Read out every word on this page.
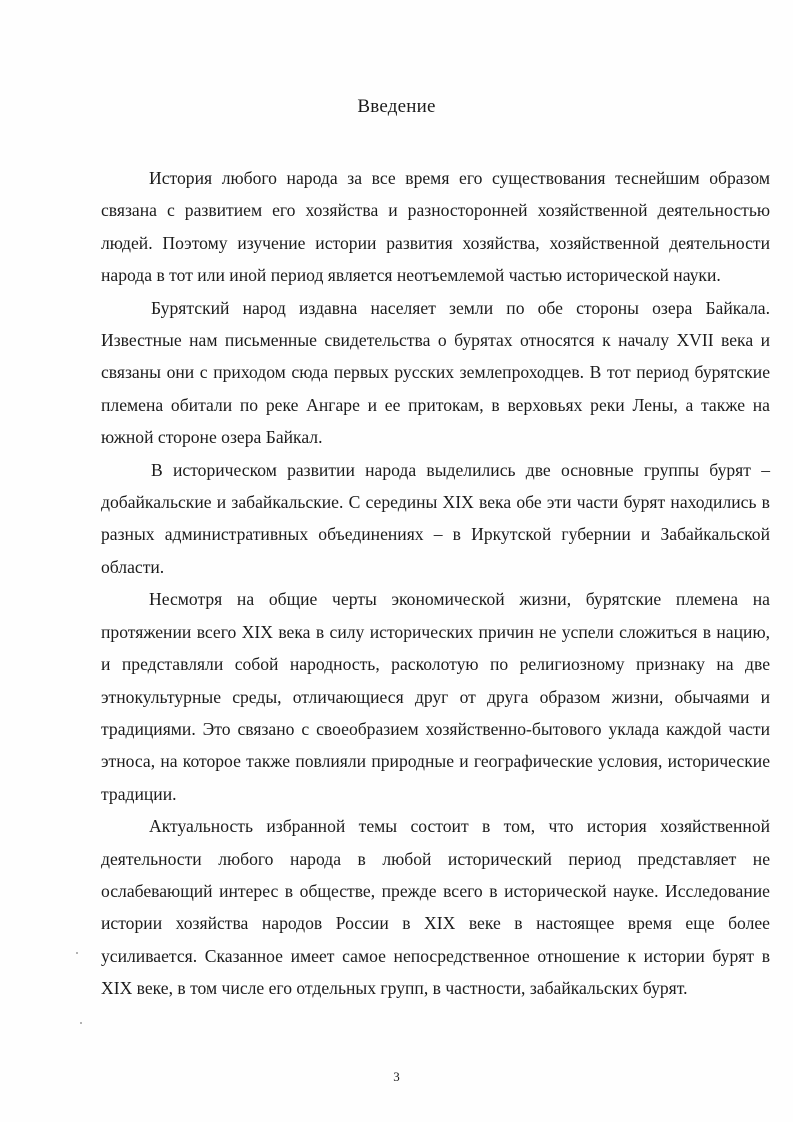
Введение

История любого народа за все время его существования теснейшим образом связана с развитием его хозяйства и разносторонней хозяйственной деятельностью людей. Поэтому изучение истории развития хозяйства, хозяйственной деятельности народа в тот или иной период является неотъемлемой частью исторической науки.

Бурятский народ издавна населяет земли по обе стороны озера Байкала. Известные нам письменные свидетельства о бурятах относятся к началу XVII века и связаны они с приходом сюда первых русских землепроходцев. В тот период бурятские племена обитали по реке Ангаре и ее притокам, в верховьях реки Лены, а также на южной стороне озера Байкал.

В историческом развитии народа выделились две основные группы бурят – добайкальские и забайкальские. С середины XIX века обе эти части бурят находились в разных административных объединениях – в Иркутской губернии и Забайкальской области.

Несмотря на общие черты экономической жизни, бурятские племена на протяжении всего XIX века в силу исторических причин не успели сложиться в нацию, и представляли собой народность, расколотую по религиозному признаку на две этнокультурные среды, отличающиеся друг от друга образом жизни, обычаями и традициями. Это связано с своеобразием хозяйственно-бытового уклада каждой части этноса, на которое также повлияли природные и географические условия, исторические традиции.

Актуальность избранной темы состоит в том, что история хозяйственной деятельности любого народа в любой исторический период представляет не ослабевающий интерес в обществе, прежде всего в исторической науке. Исследование истории хозяйства народов России в XIX веке в настоящее время еще более усиливается. Сказанное имеет самое непосредственное отношение к истории бурят в XIX веке, в том числе его отдельных групп, в частности, забайкальских бурят.

3
